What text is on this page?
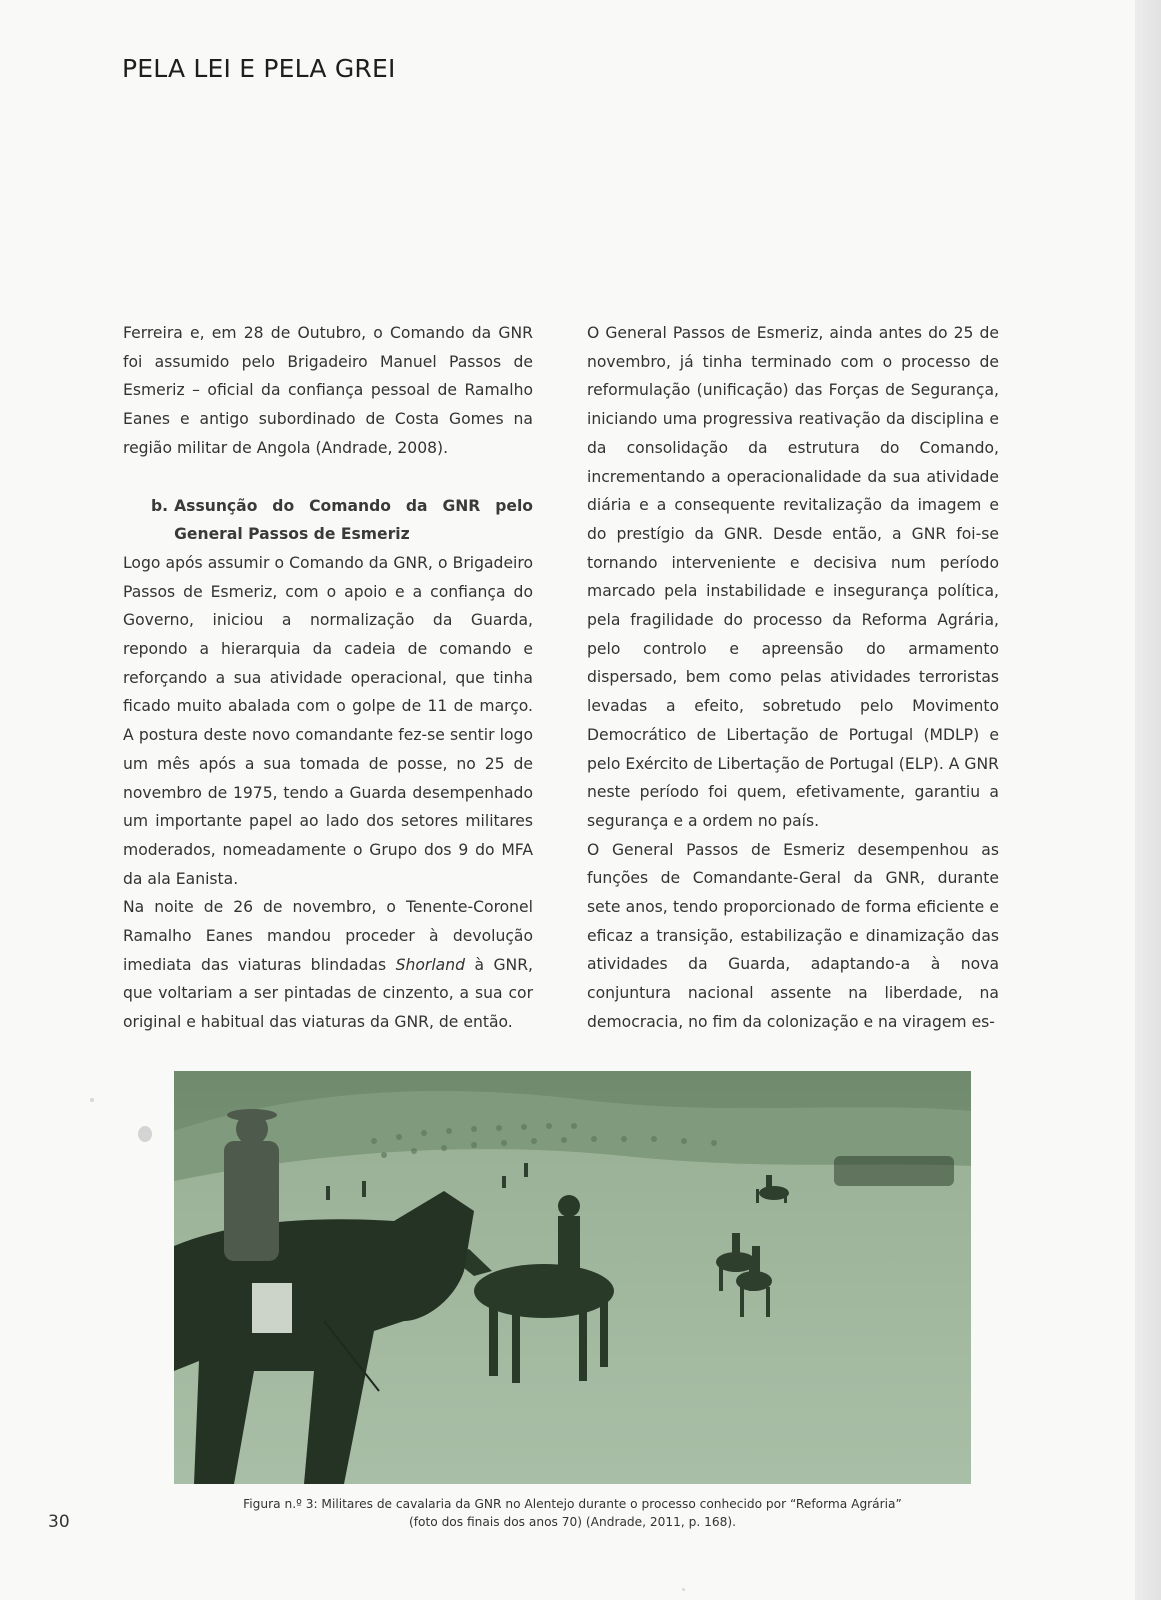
PELA LEI E PELA GREI

Ferreira e, em 28 de Outubro, o Comando da GNR foi assumido pelo Brigadeiro Manuel Passos de Esmeriz – oficial da confiança pessoal de Ramalho Eanes e antigo subordinado de Costa Gomes na região militar de Angola (Andrade, 2008).

b. Assunção do Comando da GNR pelo General Passos de Esmeriz

Logo após assumir o Comando da GNR, o Brigadeiro Passos de Esmeriz, com o apoio e a confiança do Governo, iniciou a normalização da Guarda, repondo a hierarquia da cadeia de comando e reforçando a sua atividade operacional, que tinha ficado muito abalada com o golpe de 11 de março. A postura deste novo comandante fez-se sentir logo um mês após a sua tomada de posse, no 25 de novembro de 1975, tendo a Guarda desempenhado um importante papel ao lado dos setores militares moderados, nomeadamente o Grupo dos 9 do MFA da ala Eanista.

Na noite de 26 de novembro, o Tenente-Coronel Ramalho Eanes mandou proceder à devolução imediata das viaturas blindadas Shorland à GNR, que voltariam a ser pintadas de cinzento, a sua cor original e habitual das viaturas da GNR, de então.

O General Passos de Esmeriz, ainda antes do 25 de novembro, já tinha terminado com o processo de reformulação (unificação) das Forças de Segurança, iniciando uma progressiva reativação da disciplina e da consolidação da estrutura do Comando, incrementando a operacionalidade da sua atividade diária e a consequente revitalização da imagem e do prestígio da GNR. Desde então, a GNR foi-se tornando interveniente e decisiva num período marcado pela instabilidade e insegurança política, pela fragilidade do processo da Reforma Agrária, pelo controlo e apreensão do armamento dispersado, bem como pelas atividades terroristas levadas a efeito, sobretudo pelo Movimento Democrático de Libertação de Portugal (MDLP) e pelo Exército de Libertação de Portugal (ELP). A GNR neste período foi quem, efetivamente, garantiu a segurança e a ordem no país.

O General Passos de Esmeriz desempenhou as funções de Comandante-Geral da GNR, durante sete anos, tendo proporcionado de forma eficiente e eficaz a transição, estabilização e dinamização das atividades da Guarda, adaptando-a à nova conjuntura nacional assente na liberdade, na democracia, no fim da colonização e na viragem es-

Figura n.º 3: Militares de cavalaria da GNR no Alentejo durante o processo conhecido por “Reforma Agrária”
(foto dos finais dos anos 70) (Andrade, 2011, p. 168).
30
